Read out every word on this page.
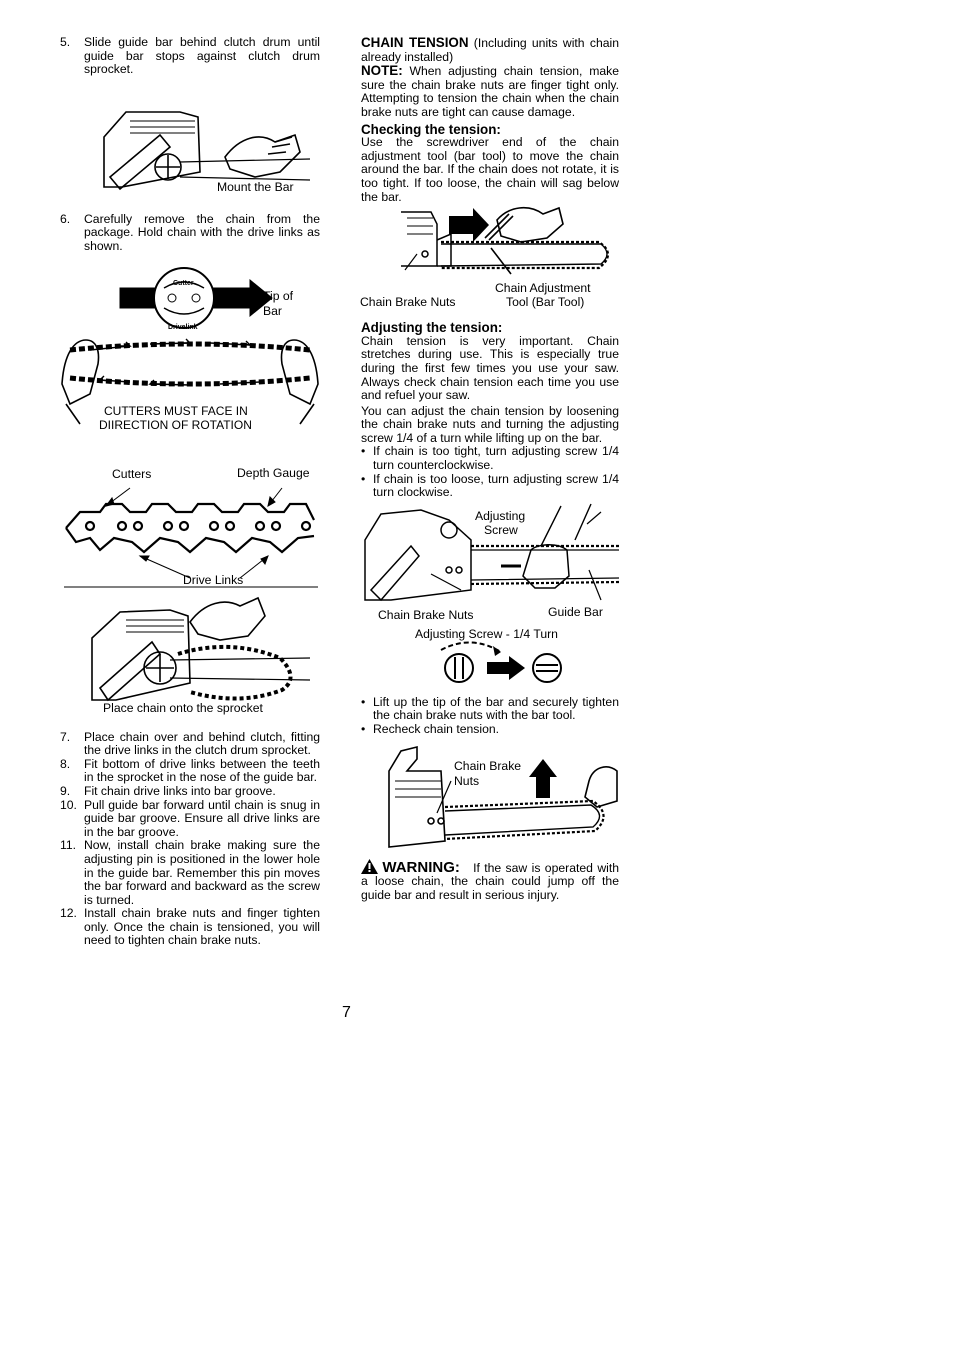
5.	Slide guide bar behind clutch drum until guide bar stops against clutch drum sprocket.
Mount the Bar
6.	Carefully remove the chain from the package. Hold chain with the drive links as shown.
Cutter
Drivelink
Tip of
Bar
CUTTERS MUST FACE IN
DIIRECTION OF ROTATION
Cutters	Depth Gauge
Drive Links
Place chain onto the sprocket
7.	Place chain over and behind clutch, fitting the drive links in the clutch drum sprocket.
8.	Fit bottom of drive links between the teeth in the sprocket in the nose of the guide bar.
9.	Fit chain drive links into bar groove.
10. Pull guide bar forward until chain is snug in guide bar groove. Ensure all drive links are in the bar groove.
11. Now, install chain brake making sure the adjusting pin is positioned in the lower hole in the guide bar. Remember this pin moves the bar forward and backward as the screw is turned.
12. Install chain brake nuts and finger tighten only. Once the chain is tensioned, you will need to tighten chain brake nuts.

CHAIN TENSION (Including units with chain already installed)

NOTE: When adjusting chain tension, make sure the chain brake nuts are finger tight only. Attempting to tension the chain when the chain brake nuts are tight can cause damage.

Checking the tension:

Use the screwdriver end of the chain adjustment tool (bar tool) to move the chain around the bar. If the chain does not rotate, it is too tight. If too loose, the chain will sag below the bar.

Chain Brake Nuts
Chain Adjustment
Tool (Bar Tool)
Adjusting the tension:

Chain tension is very important. Chain stretches during use. This is especially true during the first few times you use your saw. Always check chain tension each time you use and refuel your saw.

You can adjust the chain tension by loosening the chain brake nuts and turning the adjusting screw 1/4 of a turn while lifting up on the bar.

• If chain is too tight, turn adjusting screw 1/4 turn counterclockwise.
• If chain is too loose, turn adjusting screw 1/4 turn clockwise.
Adjusting
Screw
Chain Brake Nuts	Guide Bar
Adjusting Screw - 1/4 Turn
• Lift up the tip of the bar and securely tighten the chain brake nuts with the bar tool.
• Recheck chain tension.
Chain Brake
Nuts

WARNING: If the saw is operated with a loose chain, the chain could jump off the guide bar and result in serious injury.

7
